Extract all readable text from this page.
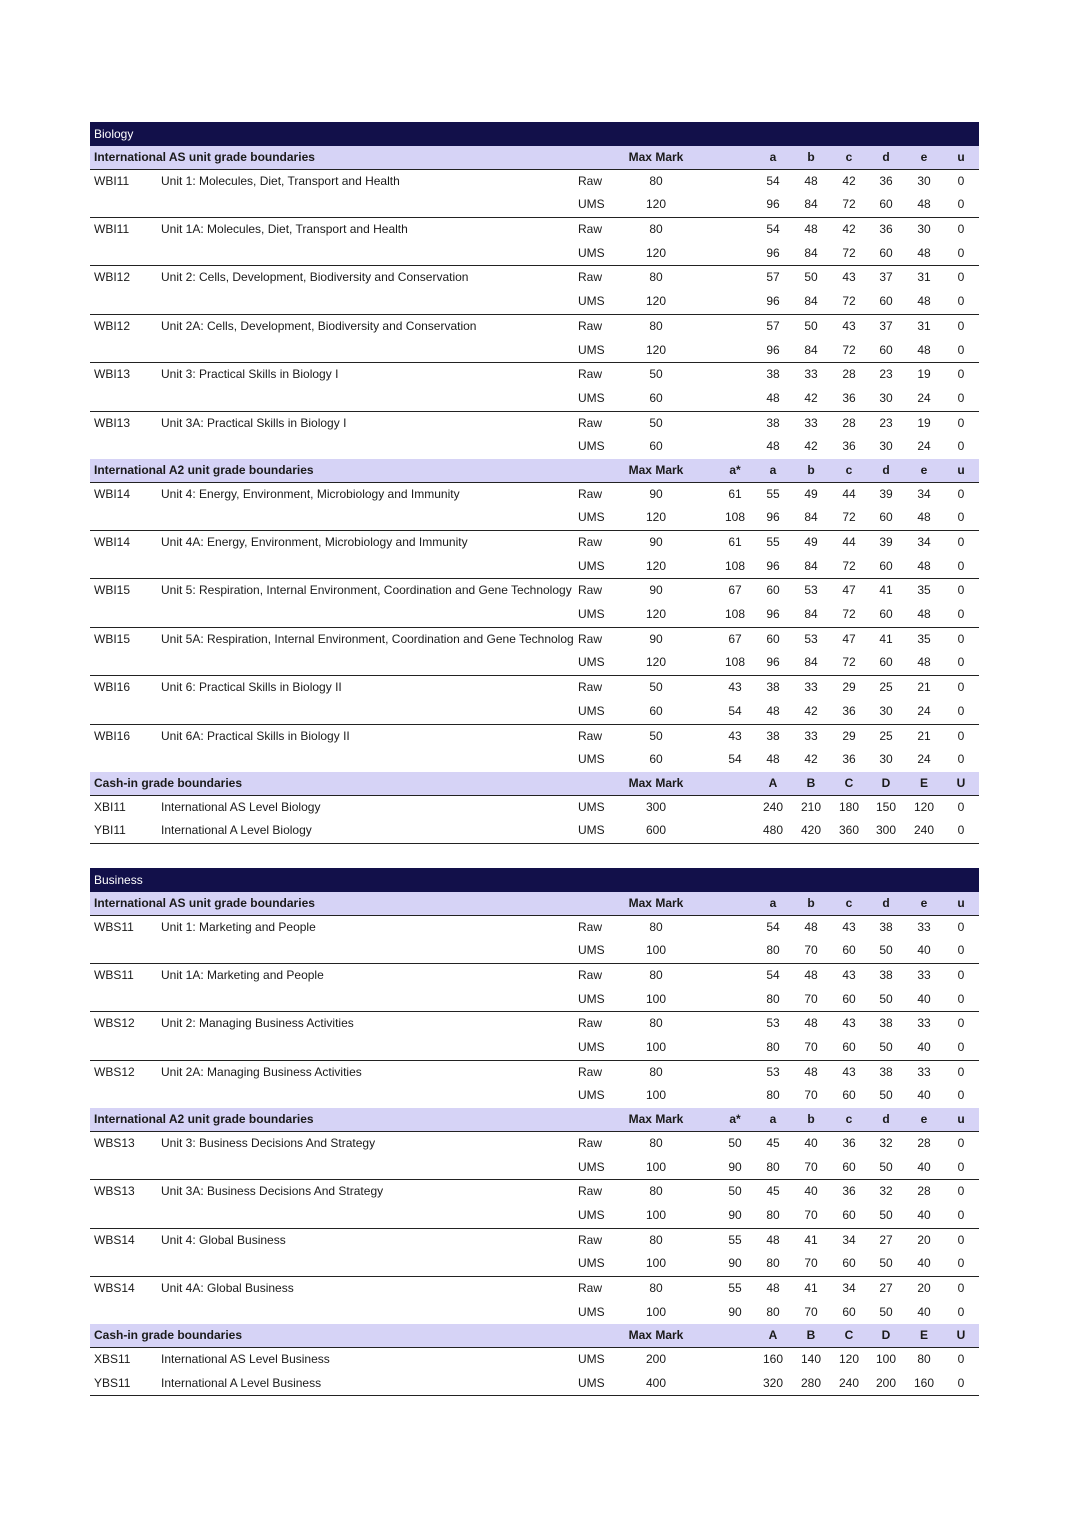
Biology
International AS unit grade boundaries	Max Mark	a	b	c	d	e	u
WBI11	Unit 1: Molecules, Diet, Transport and Health	Raw	80	54	48	42	36	30	0
UMS	120	96	84	72	60	48	0
WBI11	Unit 1A: Molecules, Diet, Transport and Health	Raw	80	54	48	42	36	30	0
UMS	120	96	84	72	60	48	0
WBI12	Unit 2: Cells, Development, Biodiversity and Conservation	Raw	80	57	50	43	37	31	0
UMS	120	96	84	72	60	48	0
WBI12	Unit 2A: Cells, Development, Biodiversity and Conservation	Raw	80	57	50	43	37	31	0
UMS	120	96	84	72	60	48	0
WBI13	Unit 3: Practical Skills in Biology I	Raw	50	38	33	28	23	19	0
UMS	60	48	42	36	30	24	0
WBI13	Unit 3A: Practical Skills in Biology I	Raw	50	38	33	28	23	19	0
UMS	60	48	42	36	30	24	0
International A2 unit grade boundaries	Max Mark	a*	a	b	c	d	e	u
WBI14	Unit 4: Energy, Environment, Microbiology and Immunity	Raw	90	61	55	49	44	39	34	0
UMS	120	108	96	84	72	60	48	0
WBI14	Unit 4A: Energy, Environment, Microbiology and Immunity	Raw	90	61	55	49	44	39	34	0
UMS	120	108	96	84	72	60	48	0
WBI15	Unit 5: Respiration, Internal Environment, Coordination and Gene Technology Raw	90	67	60	53	47	41	35	0
UMS	120	108	96	84	72	60	48	0
WBI15	Unit 5A: Respiration, Internal Environment, Coordination and Gene Technolog Raw	90	67	60	53	47	41	35	0
UMS	120	108	96	84	72	60	48	0
WBI16	Unit 6: Practical Skills in Biology II	Raw	50	43	38	33	29	25	21	0
UMS	60	54	48	42	36	30	24	0
WBI16	Unit 6A: Practical Skills in Biology II	Raw	50	43	38	33	29	25	21	0
UMS	60	54	48	42	36	30	24	0
Cash-in grade boundaries	Max Mark	A	B	C	D	E	U
XBI11	International AS Level Biology	UMS	300	240	210	180	150	120	0
YBI11	International A Level Biology	UMS	600	480	420	360	300	240	0
Business
International AS unit grade boundaries	Max Mark	a	b	c	d	e	u
WBS11	Unit 1: Marketing and People	Raw	80	54	48	43	38	33	0
UMS	100	80	70	60	50	40	0
WBS11	Unit 1A: Marketing and People	Raw	80	54	48	43	38	33	0
UMS	100	80	70	60	50	40	0
WBS12	Unit 2: Managing Business Activities	Raw	80	53	48	43	38	33	0
UMS	100	80	70	60	50	40	0
WBS12	Unit 2A: Managing Business Activities	Raw	80	53	48	43	38	33	0
UMS	100	80	70	60	50	40	0
International A2 unit grade boundaries	Max Mark	a*	a	b	c	d	e	u
WBS13	Unit 3: Business Decisions And Strategy	Raw	80	50	45	40	36	32	28	0
UMS	100	90	80	70	60	50	40	0
WBS13	Unit 3A: Business Decisions And Strategy	Raw	80	50	45	40	36	32	28	0
UMS	100	90	80	70	60	50	40	0
WBS14	Unit 4: Global Business	Raw	80	55	48	41	34	27	20	0
UMS	100	90	80	70	60	50	40	0
WBS14	Unit 4A: Global Business	Raw	80	55	48	41	34	27	20	0
UMS	100	90	80	70	60	50	40	0
Cash-in grade boundaries	Max Mark	A	B	C	D	E	U
XBS11	International AS Level Business	UMS	200	160	140	120	100	80	0
YBS11	International A Level Business	UMS	400	320	280	240	200	160	0
